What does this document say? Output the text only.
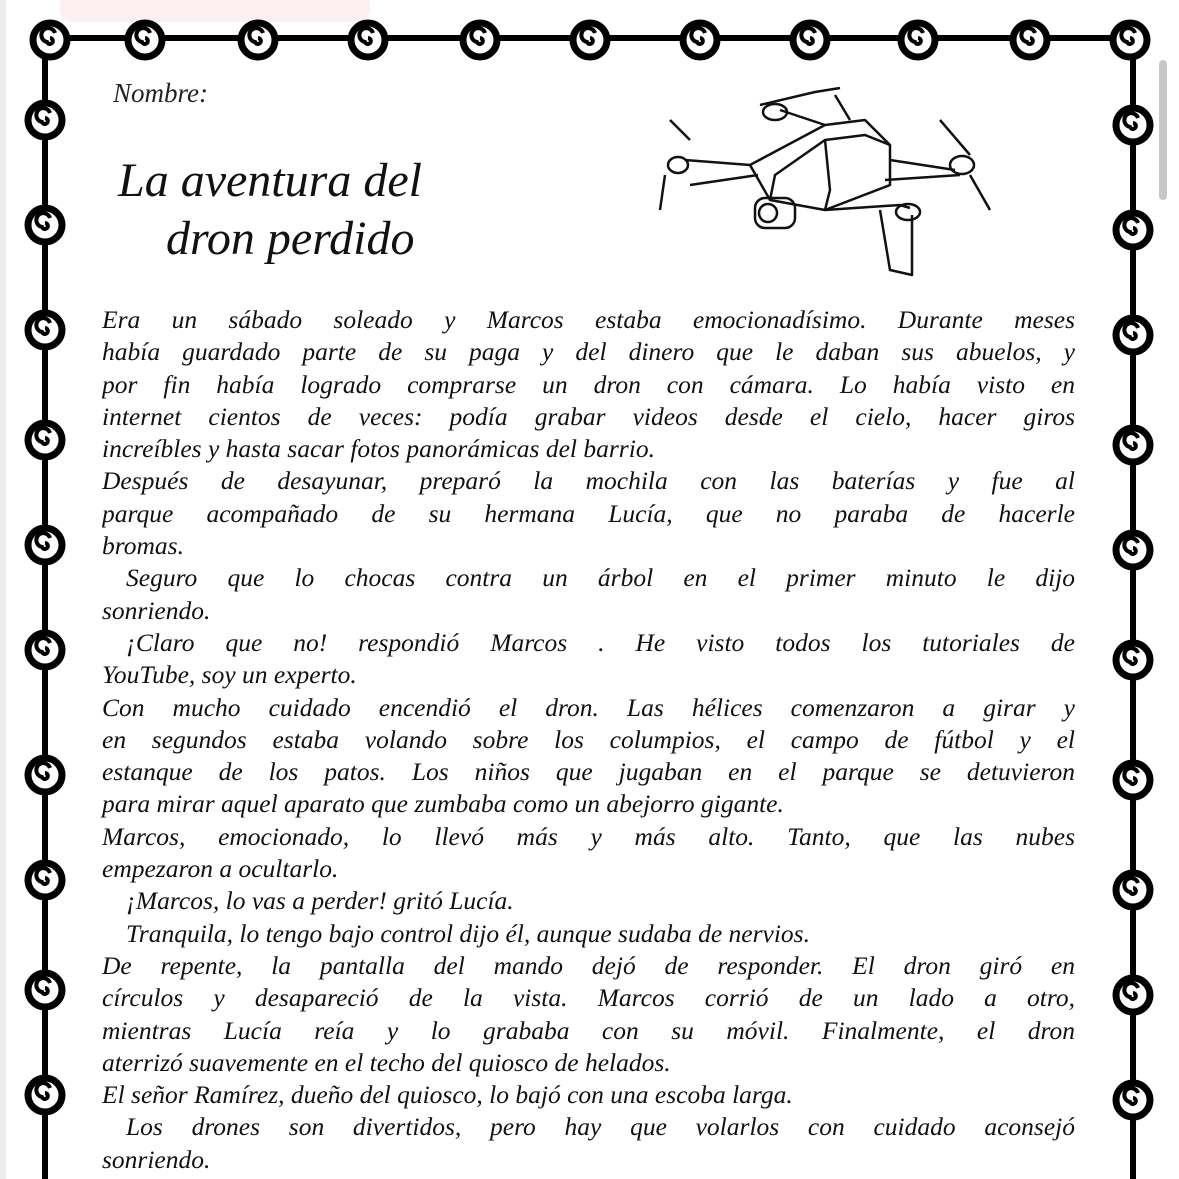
Nombre:
La aventura del
dron perdido
Era un sábado soleado y Marcos estaba emocionadísimo. Durante meses
había guardado parte de su paga y del dinero que le daban sus abuelos, y
por fin había logrado comprarse un dron con cámara. Lo había visto en
internet cientos de veces: podía grabar videos desde el cielo, hacer giros
increíbles y hasta sacar fotos panorámicas del barrio.
Después de desayunar, preparó la mochila con las baterías y fue al
parque acompañado de su hermana Lucía, que no paraba de hacerle
bromas.
Seguro que lo chocas contra un árbol en el primer minuto le dijo
sonriendo.
¡Claro que no! respondió Marcos . He visto todos los tutoriales de
YouTube, soy un experto.
Con mucho cuidado encendió el dron. Las hélices comenzaron a girar y
en segundos estaba volando sobre los columpios, el campo de fútbol y el
estanque de los patos. Los niños que jugaban en el parque se detuvieron
para mirar aquel aparato que zumbaba como un abejorro gigante.
Marcos, emocionado, lo llevó más y más alto. Tanto, que las nubes
empezaron a ocultarlo.
¡Marcos, lo vas a perder! gritó Lucía.
Tranquila, lo tengo bajo control dijo él, aunque sudaba de nervios.
De repente, la pantalla del mando dejó de responder. El dron giró en
círculos y desapareció de la vista. Marcos corrió de un lado a otro,
mientras Lucía reía y lo grababa con su móvil. Finalmente, el dron
aterrizó suavemente en el techo del quiosco de helados.
El señor Ramírez, dueño del quiosco, lo bajó con una escoba larga.
Los drones son divertidos, pero hay que volarlos con cuidado aconsejó
sonriendo.
